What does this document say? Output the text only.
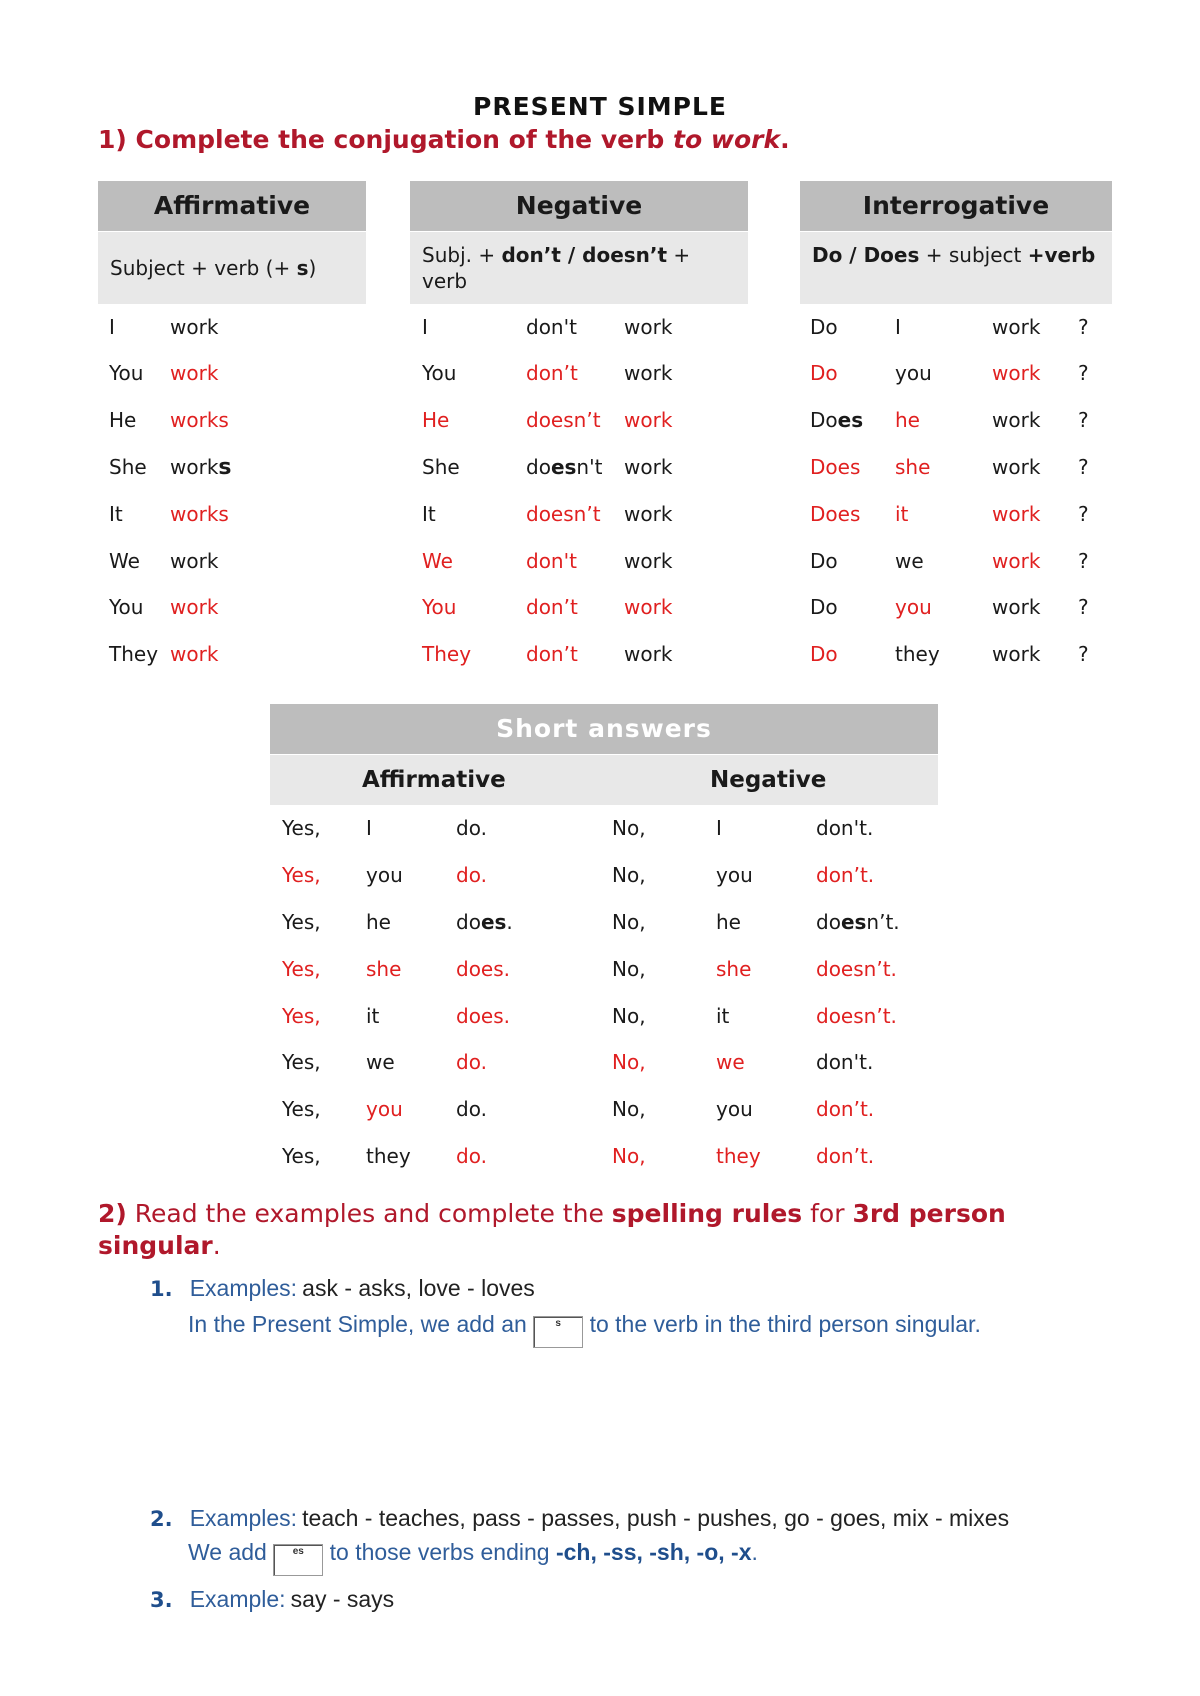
PRESENT SIMPLE
1) Complete the conjugation of the verb to work.
Affirmative
Subject + verb (+ s)
Negative
Subj. + don’t / doesn’t + verb
Interrogative
Do / Does + subject +verb
I	work	I	don't work	Do	I	work ?
You work	You	don’t work	Do	you	work ?
He works	He	doesn’t work	Does he	work ?
She works	She	doesn't work	Does she	work ?
It works	It	doesn’t work	Does it	work ?
We work	We	don't work	Do	we	work ?
You work	You	don’t work	Do	you	work ?
They work	They	don’t work	Do	they	work ?
Short answers
Affirmative	Negative
Yes, I	do.	No,	I	don't.
Yes, you	do.	No,	you	don’t.
Yes, he	does.	No,	he	doesn’t.
Yes, she	does.	No,	she	doesn’t.
Yes, it	does.	No,	it	doesn’t.
Yes, we	do.	No,	we	don't.
Yes, you	do.	No,	you	don’t.
Yes, they do.	No,	they	don’t.
2) Read the examples and complete the spelling rules for 3rd person singular.
1. Examples: ask - asks, love - loves
In the Present Simple, we add an	s to the verb in the third person singular.
2. Examples: teach - teaches, pass - passes, push - pushes, go - goes, mix - mixes
We add	es to those verbs ending -ch, -ss, -sh, -o, -x.
3. Example: say - says
